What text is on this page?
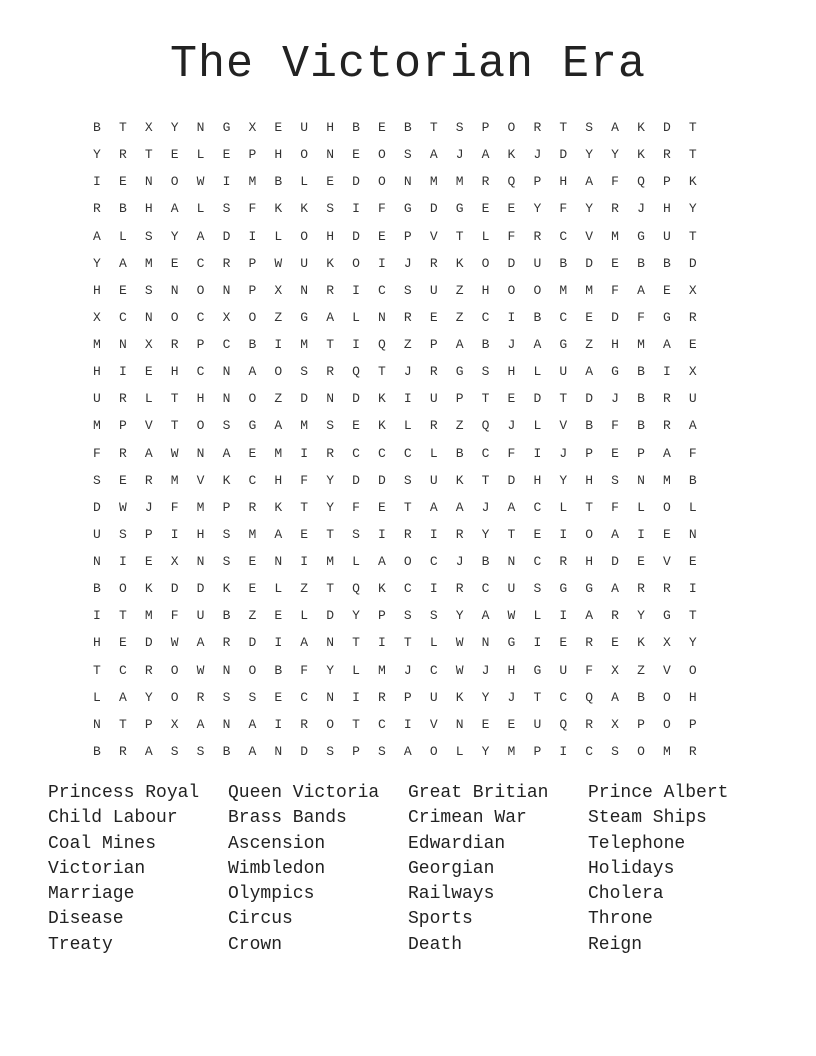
The Victorian Era
B	T	X	Y	N	G	X	E	U	H	B	E	B	T	S	P	O	R	T	S	A	K	D	T
Y	R	T	E	L	E	P	H	O	N	E	O	S	A	J	A	K	J	D	Y	Y	K	R	T
I	E	N	O	W	I	M	B	L	E	D	O	N	M	M	R	Q	P	H	A	F	Q	P	K
R	B	H	A	L	S	F	K	K	S	I	F	G	D	G	E	E	Y	F	Y	R	J	H	Y
A	L	S	Y	A	D	I	L	O	H	D	E	P	V	T	L	F	R	C	V	M	G	U	T
Y	A	M	E	C	R	P	W	U	K	O	I	J	R	K	O	D	U	B	D	E	B	B	D
H	E	S	N	O	N	P	X	N	R	I	C	S	U	Z	H	O	O	M	M	F	A	E	X
X	C	N	O	C	X	O	Z	G	A	L	N	R	E	Z	C	I	B	C	E	D	F	G	R
M	N	X	R	P	C	B	I	M	T	I	Q	Z	P	A	B	J	A	G	Z	H	M	A	E
H	I	E	H	C	N	A	O	S	R	Q	T	J	R	G	S	H	L	U	A	G	B	I	X
U	R	L	T	H	N	O	Z	D	N	D	K	I	U	P	T	E	D	T	D	J	B	R	U
M	P	V	T	O	S	G	A	M	S	E	K	L	R	Z	Q	J	L	V	B	F	B	R	A
F	R	A	W	N	A	E	M	I	R	C	C	C	L	B	C	F	I	J	P	E	P	A	F
S	E	R	M	V	K	C	H	F	Y	D	D	S	U	K	T	D	H	Y	H	S	N	M	B
D	W	J	F	M	P	R	K	T	Y	F	E	T	A	A	J	A	C	L	T	F	L	O	L
U	S	P	I	H	S	M	A	E	T	S	I	R	I	R	Y	T	E	I	O	A	I	E	N
N	I	E	X	N	S	E	N	I	M	L	A	O	C	J	B	N	C	R	H	D	E	V	E
B	O	K	D	D	K	E	L	Z	T	Q	K	C	I	R	C	U	S	G	G	A	R	R	I
I	T	M	F	U	B	Z	E	L	D	Y	P	S	S	Y	A	W	L	I	A	R	Y	G	T
H	E	D	W	A	R	D	I	A	N	T	I	T	L	W	N	G	I	E	R	E	K	X	Y
T	C	R	O	W	N	O	B	F	Y	L	M	J	C	W	J	H	G	U	F	X	Z	V	O
L	A	Y	O	R	S	S	E	C	N	I	R	P	U	K	Y	J	T	C	Q	A	B	O	H
N	T	P	X	A	N	A	I	R	O	T	C	I	V	N	E	E	U	Q	R	X	P	O	P
B	R	A	S	S	B	A	N	D	S	P	S	A	O	L	Y	M	P	I	C	S	O	M	R
Princess Royal	Queen Victoria	Great Britian	Prince Albert
Child Labour	Brass Bands	Crimean War	Steam Ships
Coal Mines	Ascension	Edwardian	Telephone
Victorian	Wimbledon	Georgian	Holidays
Marriage	Olympics	Railways	Cholera
Disease	Circus	Sports	Throne
Treaty	Crown	Death	Reign
